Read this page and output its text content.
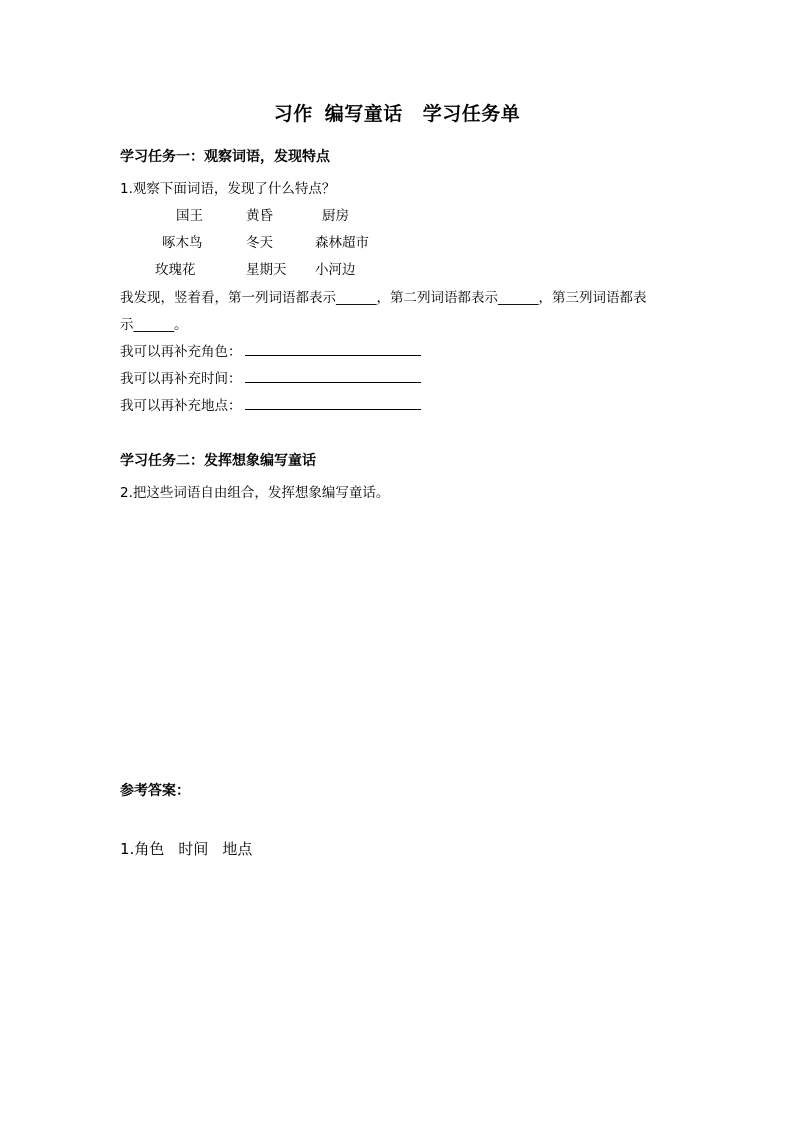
习作 编写童话 学习任务单
学习任务一：观察词语，发现特点
1.观察下面词语，发现了什么特点？
国王	黄昏	厨房
啄木鸟	冬天	森林超市
玫瑰花	星期天 小河边
我发现，竖着看，第一列词语都表示______，第二列词语都表示______，第三列词语都表
示______。
我可以再补充角色：
我可以再补充时间：
我可以再补充地点：
学习任务二：发挥想象编写童话
2.把这些词语自由组合，发挥想象编写童话。
参考答案：
1.角色 时间 地点
